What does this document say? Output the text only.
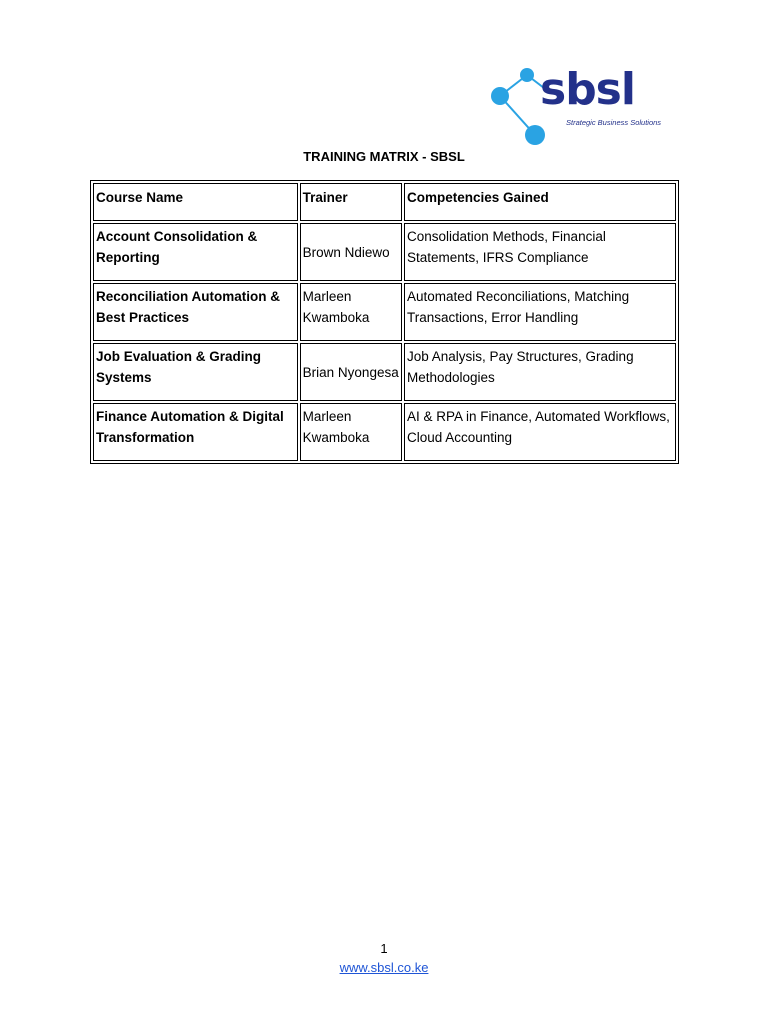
sbsl
Strategic Business Solutions
TRAINING MATRIX - SBSL
Course Name	Trainer	Competencies Gained
Account Consolidation & Reporting	Brown Ndiewo	Consolidation Methods, Financial Statements, IFRS Compliance
Reconciliation Automation & Best Practices	Marleen Kwamboka	Automated Reconciliations, Matching Transactions, Error Handling
Job Evaluation & Grading Systems	Brian Nyongesa	Job Analysis, Pay Structures, Grading Methodologies
Finance Automation & Digital Transformation	Marleen Kwamboka	AI & RPA in Finance, Automated Workflows, Cloud Accounting
1
www.sbsl.co.ke
